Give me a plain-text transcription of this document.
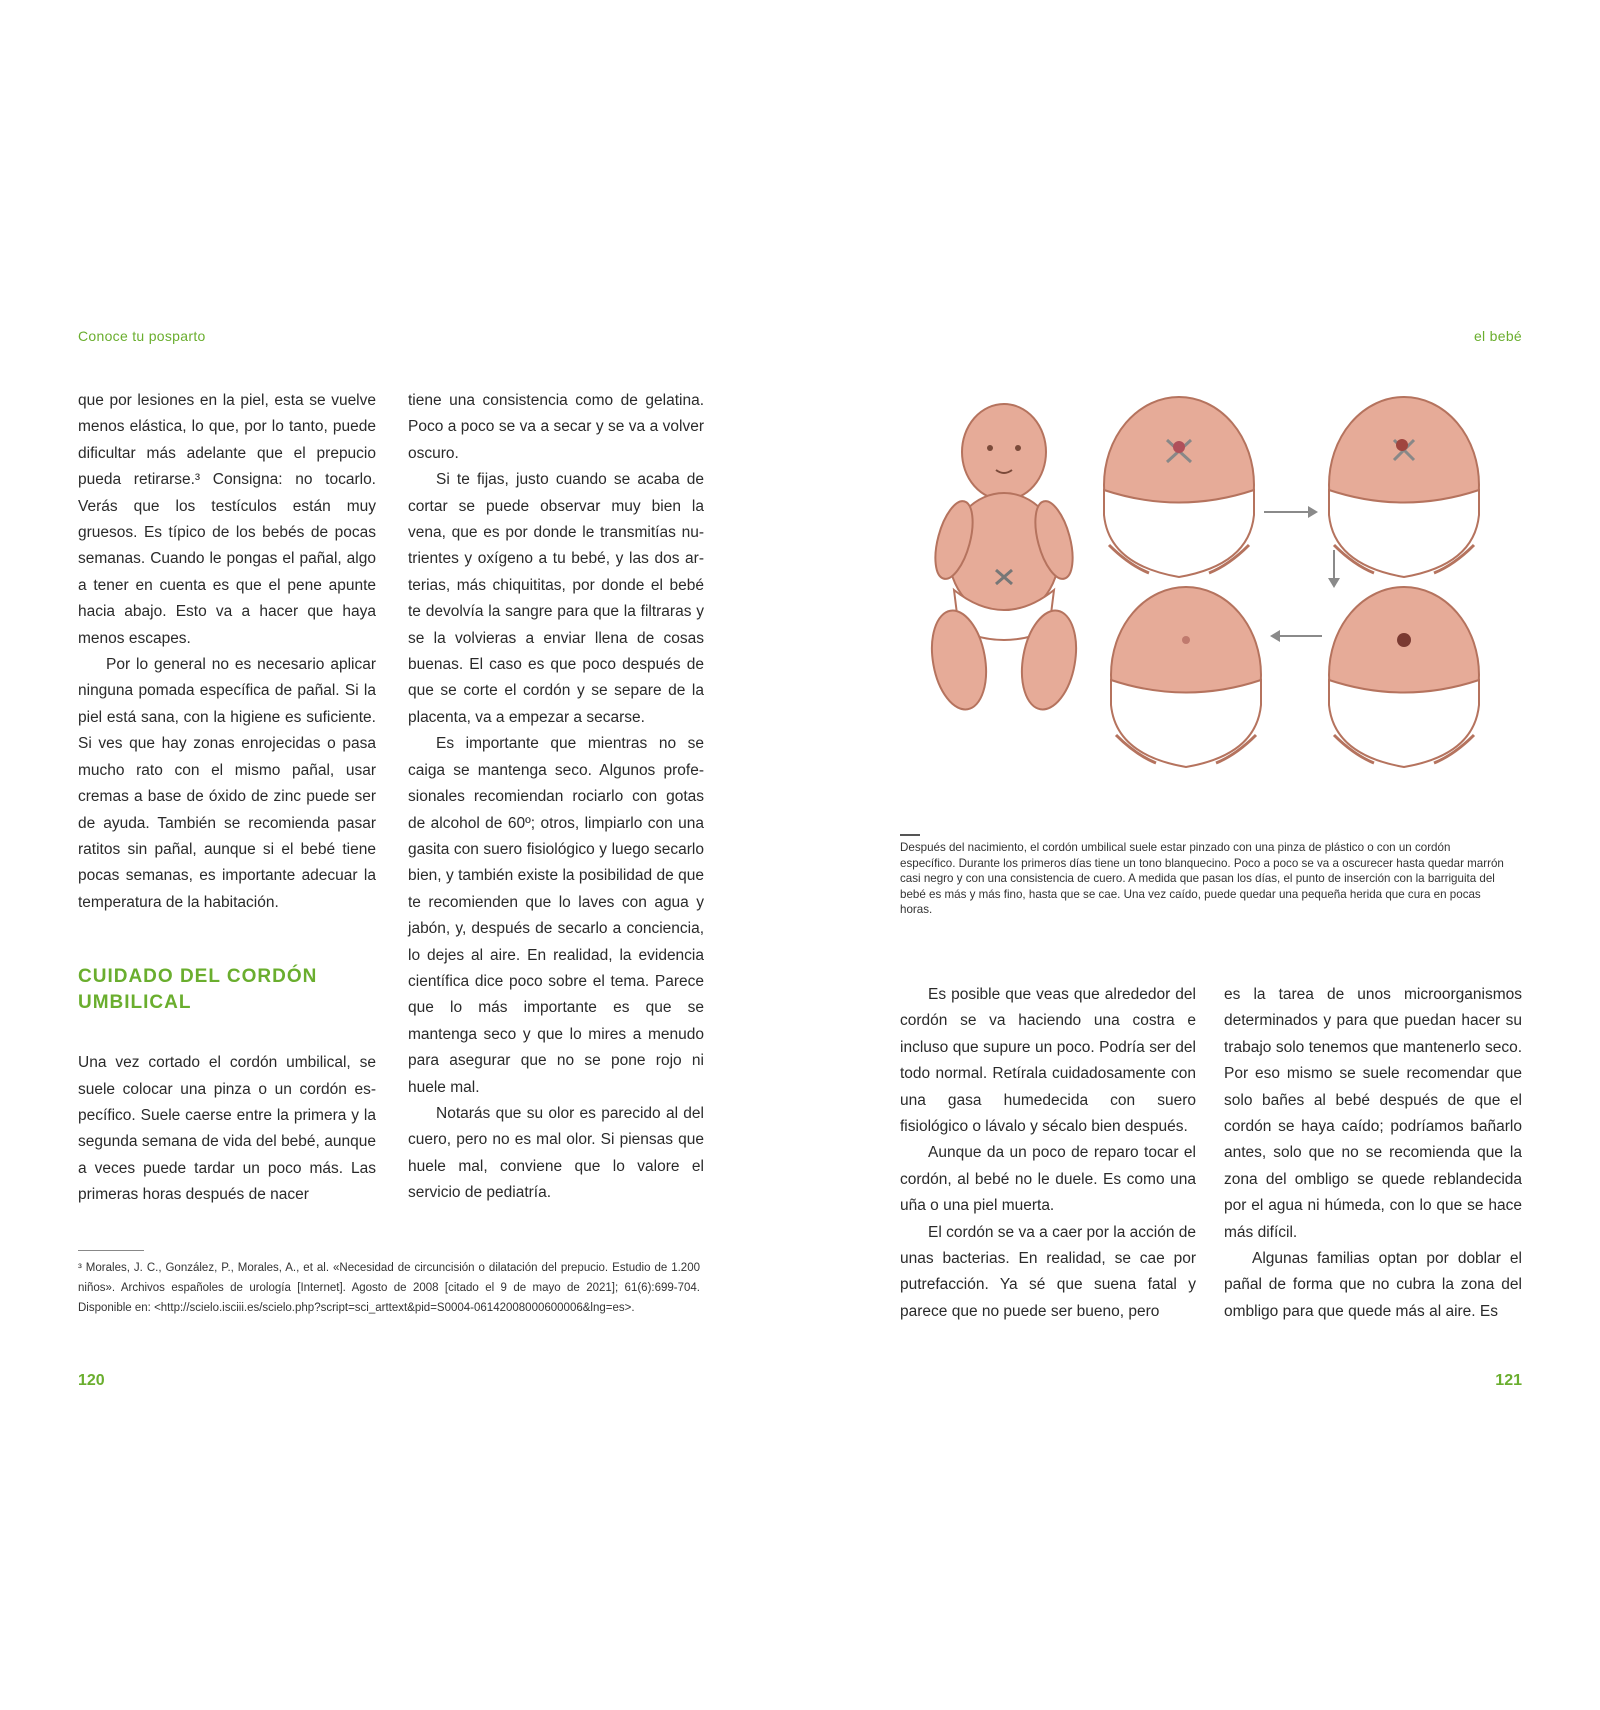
Conoce tu posparto

que por lesiones en la piel, esta se vuelve menos elástica, lo que, por lo tanto, puede dificultar más adelante que el prepucio pueda retirarse.³ Consigna: no tocarlo. Verás que los testículos están muy gruesos. Es típico de los bebés de pocas semanas. Cuando le pongas el pañal, algo a tener en cuenta es que el pene apunte hacia abajo. Esto va a hacer que haya menos escapes.

Por lo general no es necesario aplicar ninguna pomada específica de pañal. Si la piel está sana, con la higiene es suficiente. Si ves que hay zonas enrojecidas o pasa mucho rato con el mismo pañal, usar cremas a base de óxido de zinc puede ser de ayuda. También se recomienda pasar ratitos sin pañal, aunque si el bebé tiene pocas semanas, es importante adecuar la temperatura de la habitación.

CUIDADO DEL CORDÓN
UMBILICAL

Una vez cortado el cordón umbilical, se suele colocar una pinza o un cordón específico. Suele caerse entre la primera y la segunda semana de vida del bebé, aunque a veces puede tardar un poco más. Las primeras horas después de nacer

tiene una consistencia como de gelatina. Poco a poco se va a secar y se va a volver oscuro.

Si te fijas, justo cuando se acaba de cortar se puede observar muy bien la vena, que es por donde le transmitías nutrientes y oxígeno a tu bebé, y las dos arterias, más chiquititas, por donde el bebé te devolvía la sangre para que la filtraras y se la volvieras a enviar llena de cosas buenas. El caso es que poco después de que se corte el cordón y se separe de la placenta, va a empezar a secarse.

Es importante que mientras no se caiga se mantenga seco. Algunos profesionales recomiendan rociarlo con gotas de alcohol de 60º; otros, limpiarlo con una gasita con suero fisiológico y luego secarlo bien, y también existe la posibilidad de que te recomienden que lo laves con agua y jabón, y, después de secarlo a conciencia, lo dejes al aire. En realidad, la evidencia científica dice poco sobre el tema. Parece que lo más importante es que se mantenga seco y que lo mires a menudo para asegurar que no se pone rojo ni huele mal.

Notarás que su olor es parecido al del cuero, pero no es mal olor. Si piensas que huele mal, conviene que lo valore el servicio de pediatría.

³ Morales, J. C., González, P., Morales, A., et al. «Necesidad de circuncisión o dilatación del prepucio. Estudio de 1.200 niños». Archivos españoles de urología [Internet]. Agosto de 2008 [citado el 9 de mayo de 2021]; 61(6):699-704. Disponible en: <http://scielo.isciii.es/scielo.php?script=sci_arttext&pid=S0004-06142008000600006&lng=es>.
120
el bebé
121
Después del nacimiento, el cordón umbilical suele estar pinzado con una pinza de plástico o con un cordón específico. Durante los primeros días tiene un tono blanquecino. Poco a poco se va a oscurecer hasta quedar marrón casi negro y con una consistencia de cuero. A medida que pasan los días, el punto de inserción con la barriguita del bebé es más y más fino, hasta que se cae. Una vez caído, puede quedar una pequeña herida que cura en pocas horas.

Es posible que veas que alrededor del cordón se va haciendo una costra e incluso que supure un poco. Podría ser del todo normal. Retíralа cuidadosamente con una gasa humedecida con suero fisiológico o lávalo y sécalo bien después.

Aunque da un poco de reparo tocar el cordón, al bebé no le duele. Es como una uña o una piel muerta.

El cordón se va a caer por la acción de unas bacterias. En realidad, se cae por putrefacción. Ya sé que suena fatal y parece que no puede ser bueno, pero

es la tarea de unos microorganismos determinados y para que puedan hacer su trabajo solo tenemos que mantenerlo seco. Por eso mismo se suele recomendar que solo bañes al bebé después de que el cordón se haya caído; podríamos bañarlo antes, solo que no se recomienda que la zona del ombligo se quede reblandecida por el agua ni húmeda, con lo que se hace más difícil.

Algunas familias optan por doblar el pañal de forma que no cubra la zona del ombligo para que quede más al aire. Es
